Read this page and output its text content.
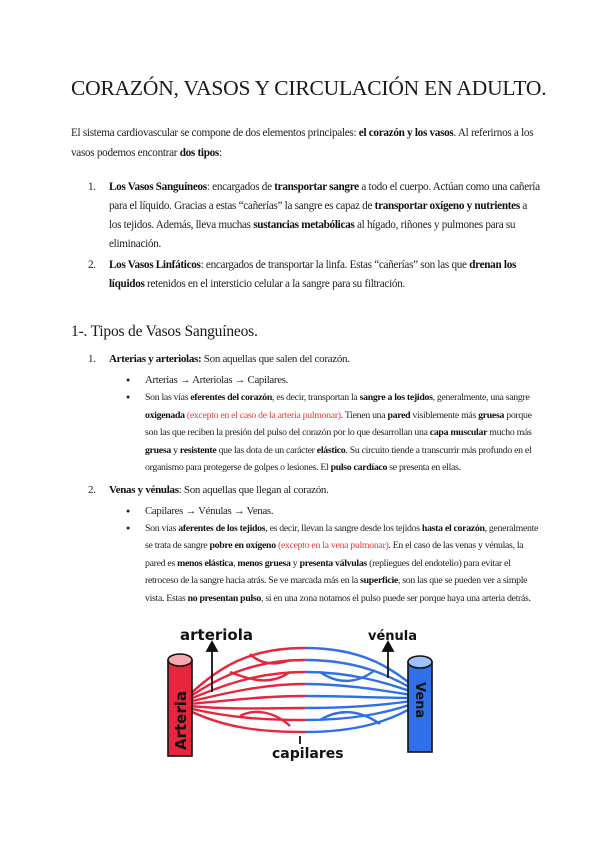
CORAZÓN, VASOS Y CIRCULACIÓN EN ADULTO.

El sistema cardiovascular se compone de dos elementos principales: el corazón y los vasos. Al referirnos a los vasos podemos encontrar dos tipos:

1. Los Vasos Sanguíneos: encargados de transportar sangre a todo el cuerpo. Actúan como una cañería para el líquido. Gracias a estas “cañerías” la sangre es capaz de transportar oxígeno y nutrientes a los tejidos. Además, lleva muchas sustancias metabólicas al hígado, riñones y pulmones para su eliminación.
2. Los Vasos Linfáticos: encargados de transportar la linfa. Estas “cañerías” son las que drenan los líquidos retenidos en el intersticio celular a la sangre para su filtración.
1-. Tipos de Vasos Sanguíneos.
1. Arterias y arteriolas: Son aquellas que salen del corazón.
● Arterias → Arteriolas → Capilares.
● Son las vías eferentes del corazón, es decir, transportan la sangre a los tejidos, generalmente, una sangre oxigenada (excepto en el caso de la arteria pulmonar). Tienen una pared visiblemente más gruesa porque son las que reciben la presión del pulso del corazón por lo que desarrollan una capa muscular mucho más gruesa y resistente que las dota de un carácter elástico. Su circuito tiende a transcurrir más profundo en el organismo para protegerse de golpes o lesiones. El pulso cardíaco se presenta en ellas.
2. Venas y vénulas: Son aquellas que llegan al corazón.
● Capilares → Vénulas → Venas.
● Son vías aferentes de los tejidos, es decir, llevan la sangre desde los tejidos hasta el corazón, generalmente se trata de sangre pobre en oxígeno (excepto en la vena pulmonar). En el caso de las venas y vénulas, la pared es menos elástica, menos gruesa y presenta válvulas (repliegues del endotelio) para evitar el retroceso de la sangre hacia atrás. Se ve marcada más en la superficie, son las que se pueden ver a simple vista. Estas no presentan pulso, si en una zona notamos el pulso puede ser porque haya una arteria detrás.
Arteria	Vena
arteriola	vénula
capilares
